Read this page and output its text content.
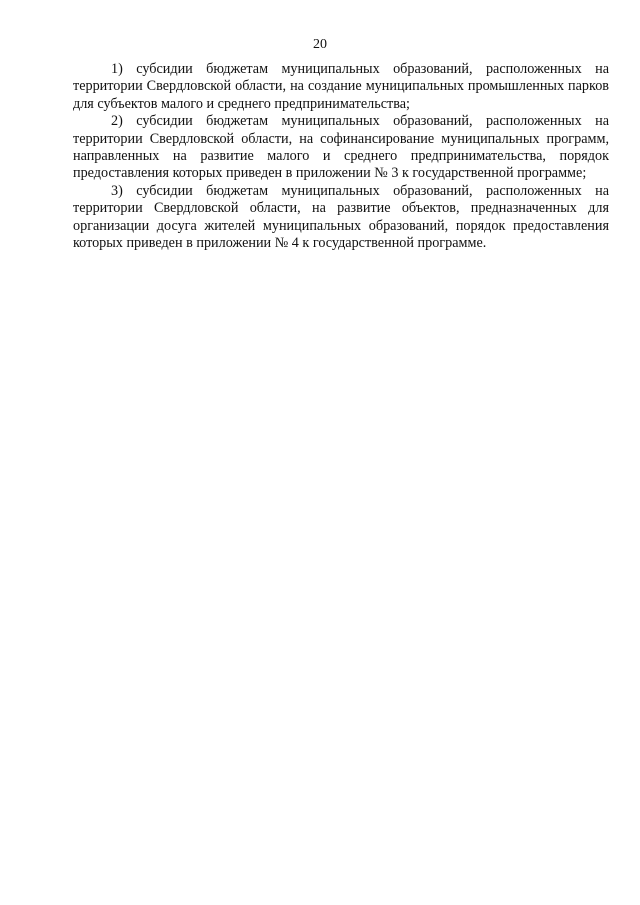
20

1) субсидии бюджетам муниципальных образований, расположенных на территории Свердловской области, на создание муниципальных промышленных парков для субъектов малого и среднего предпринимательства;

2) субсидии бюджетам муниципальных образований, расположенных на территории Свердловской области, на софинансирование муниципальных программ, направленных на развитие малого и среднего предпринимательства, порядок предоставления которых приведен в приложении № 3 к государственной программе;

3) субсидии бюджетам муниципальных образований, расположенных на территории Свердловской области, на развитие объектов, предназначенных для организации досуга жителей муниципальных образований, порядок предоставления которых приведен в приложении № 4 к государственной программе.
